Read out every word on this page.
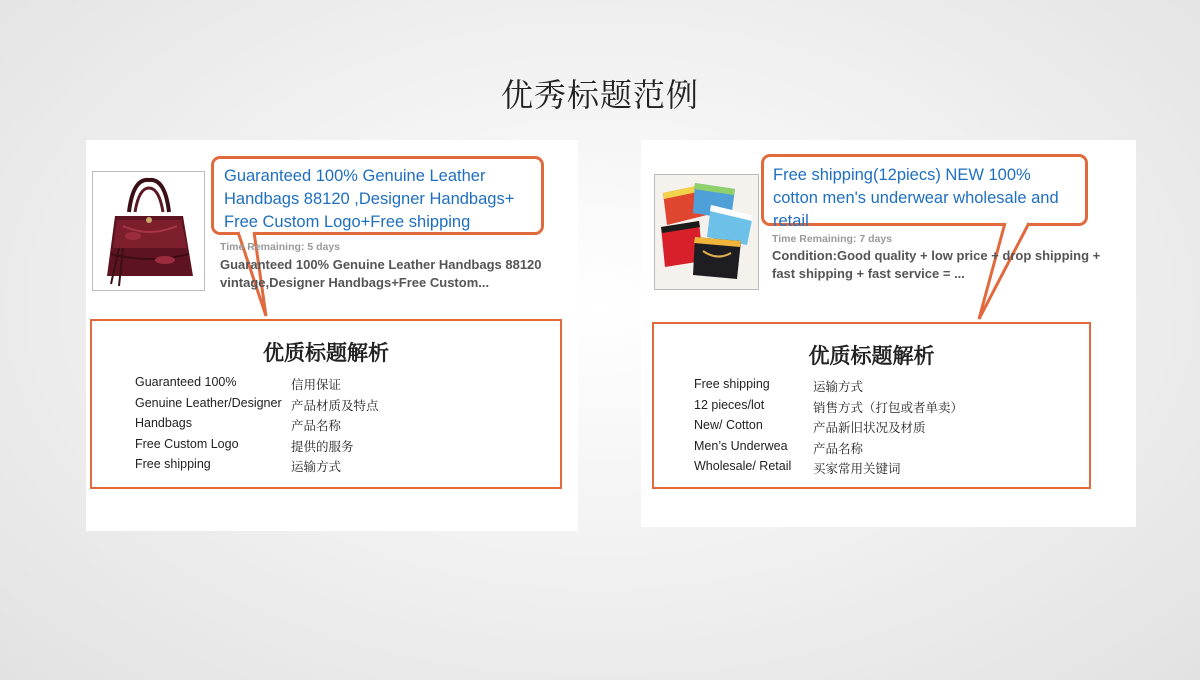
优秀标题范例
Guaranteed 100% Genuine Leather Handbags 88120 ,Designer Handbags+ Free Custom Logo+Free shipping
Time Remaining: 5 days
Guaranteed 100% Genuine Leather Handbags 88120
vintage,Designer Handbags+Free Custom...
优质标题解析
Guaranteed 100%	信用保证
Genuine Leather/Designer 产品材质及特点
Handbags	产品名称
Free Custom Logo	提供的服务
Free shipping	运输方式
Free shipping(12piecs) NEW 100% cotton men's underwear wholesale and retail
Time Remaining: 7 days
Condition:Good quality + low price + drop shipping +
fast shipping + fast service = ...
优质标题解析
Free shipping	运输方式
12 pieces/lot	销售方式（打包或者单卖）
New/ Cotton	产品新旧状况及材质
Men’s Underwea 产品名称
Wholesale/ Retail 买家常用关键词
